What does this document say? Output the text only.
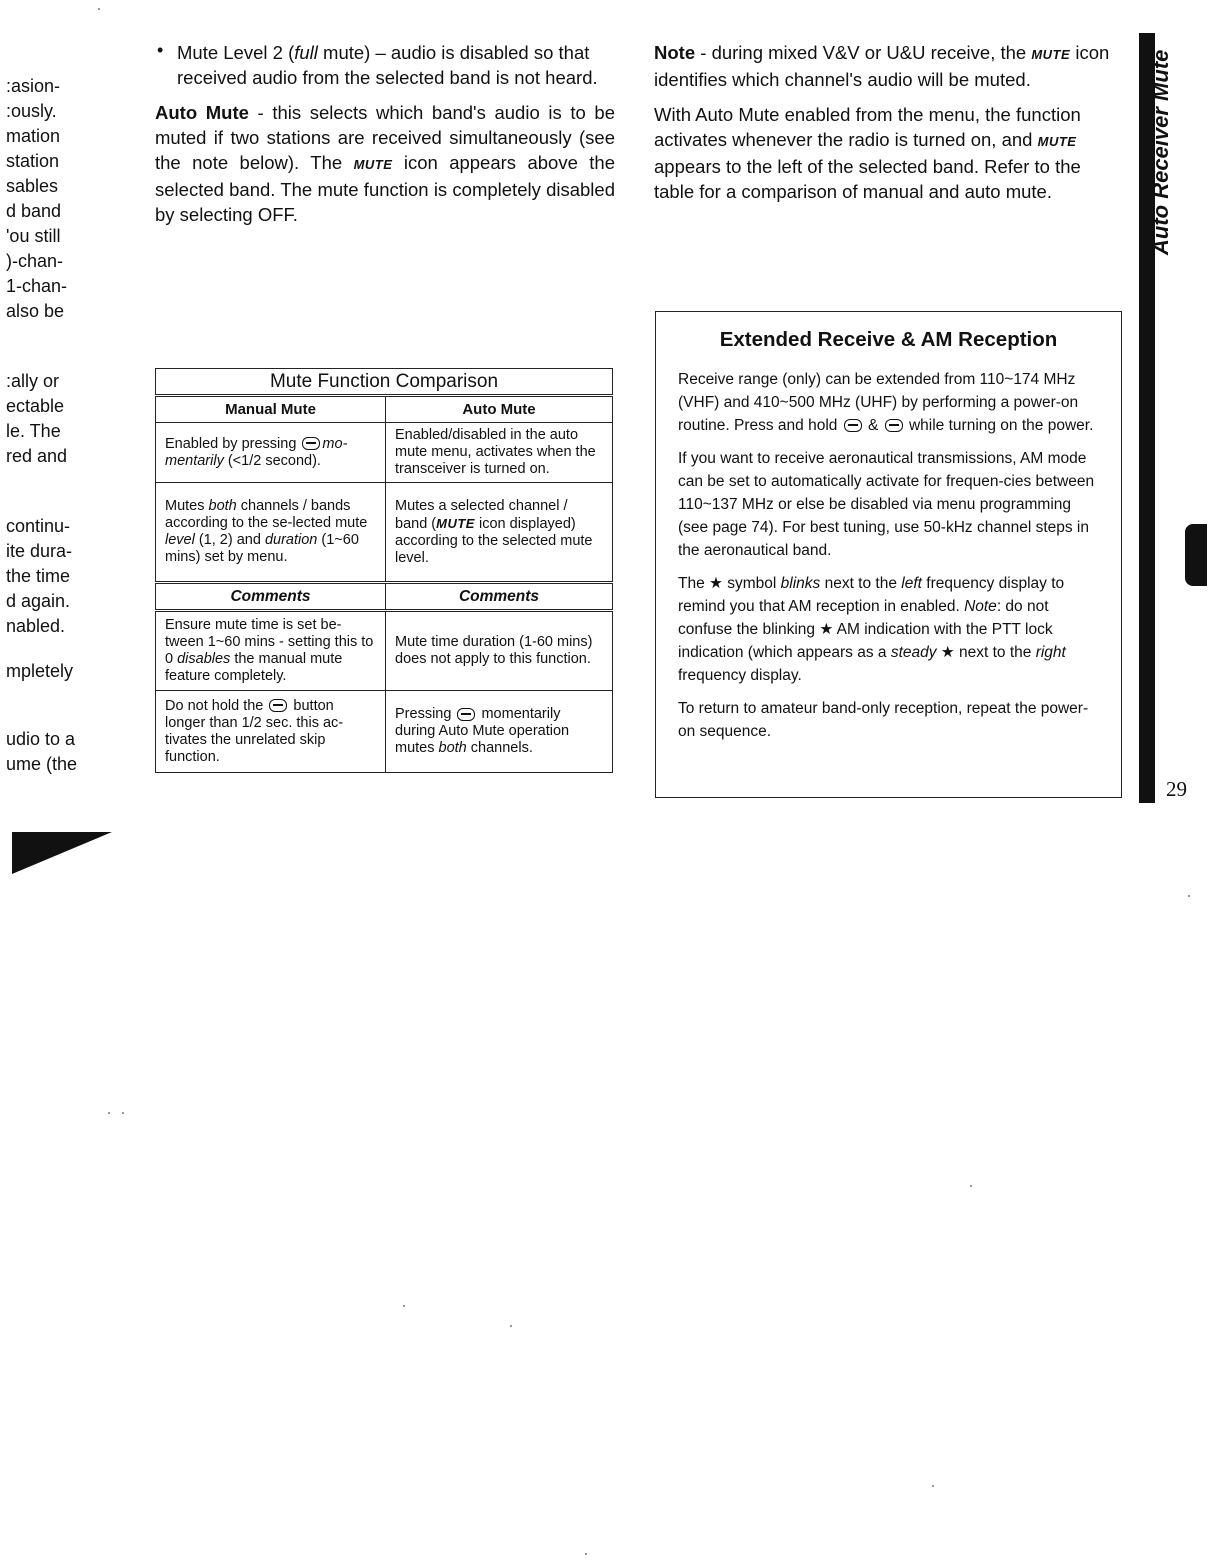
:asion-
:ously.
mation
station
sables
d band
'ou still
)-chan-
1-chan-
also be
:ally or
ectable
le. The
red and
continu-
ite dura-
the time
d again.
nabled.
mpletely
udio to a
ume (the
• Mute Level 2 (full mute) – audio is disabled so that received audio from the selected band is not heard.

Auto Mute - this selects which band's audio is to be muted if two stations are received simultaneously (see the note below). The MUTE icon appears above the selected band. The mute function is completely disabled by selecting OFF.

Note - during mixed V&V or U&U receive, the MUTE icon identifies which channel's audio will be muted.

With Auto Mute enabled from the menu, the function activates whenever the radio is turned on, and MUTE appears to the left of the selected band. Refer to the table for a comparison of manual and auto mute.

Mute Function Comparison	
Manual Mute	Auto Mute
Enabled by pressing mo-mentarily (<1/2 second).	Enabled/disabled in the auto mute menu, activates when the transceiver is turned on.
Mutes both channels / bands according to the se-lected mute level (1, 2) and duration (1~60 mins) set by menu.	Mutes a selected channel / band (MUTE icon displayed) according to the selected mute level.
Comments	Comments
Ensure mute time is set be-tween 1~60 mins - setting this to 0 disables the manual mute feature completely.	Mute time duration (1-60 mins) does not apply to this function.
Do not hold the  button longer than 1/2 sec. this ac-tivates the unrelated skip function.	Pressing  momentarily during Auto Mute operation mutes both channels.
Extended Receive & AM Reception

Receive range (only) can be extended from 110~174 MHz (VHF) and 410~500 MHz (UHF) by performing a power-on routine. Press and hold  &  while turning on the power.

If you want to receive aeronautical transmissions, AM mode can be set to automatically activate for frequen-cies between 110~137 MHz or else be disabled via menu programming (see page 74). For best tuning, use 50-kHz channel steps in the aeronautical band.

The ★ symbol blinks next to the left frequency display to remind you that AM reception in enabled. Note: do not confuse the blinking ★ AM indication with the PTT lock indication (which appears as a steady ★ next to the right frequency display.

To return to amateur band-only reception, repeat the power-on sequence.

Auto Receiver Mute
29
